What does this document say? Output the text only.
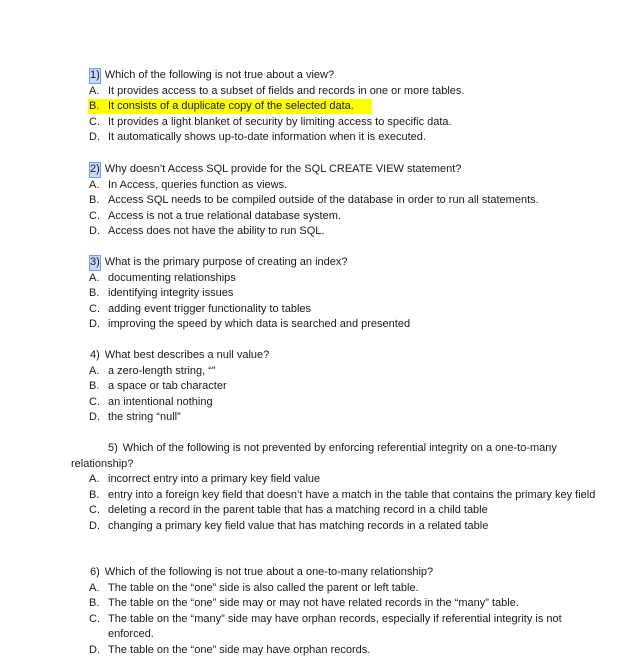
1) Which of the following is not true about a view?
A. It provides access to a subset of fields and records in one or more tables.
B. It consists of a duplicate copy of the selected data.
C. It provides a light blanket of security by limiting access to specific data.
D. It automatically shows up-to-date information when it is executed.
2) Why doesn’t Access SQL provide for the SQL CREATE VIEW statement?
A. In Access, queries function as views.
B. Access SQL needs to be compiled outside of the database in order to run all statements.
C. Access is not a true relational database system.
D. Access does not have the ability to run SQL.
3) What is the primary purpose of creating an index?
A. documenting relationships
B. identifying integrity issues
C. adding event trigger functionality to tables
D. improving the speed by which data is searched and presented
4) What best describes a null value?
A. a zero-length string, “”
B. a space or tab character
C. an intentional nothing
D. the string “null”
5) Which of the following is not prevented by enforcing referential integrity on a one-to-many relationship?
A. incorrect entry into a primary key field value
B. entry into a foreign key field that doesn’t have a match in the table that contains the primary key field
C. deleting a record in the parent table that has a matching record in a child table
D. changing a primary key field value that has matching records in a related table
6) Which of the following is not true about a one-to-many relationship?
A. The table on the “one” side is also called the parent or left table.
B. The table on the “one” side may or may not have related records in the “many” table.
C. The table on the “many” side may have orphan records, especially if referential integrity is not enforced.
D. The table on the “one” side may have orphan records.
